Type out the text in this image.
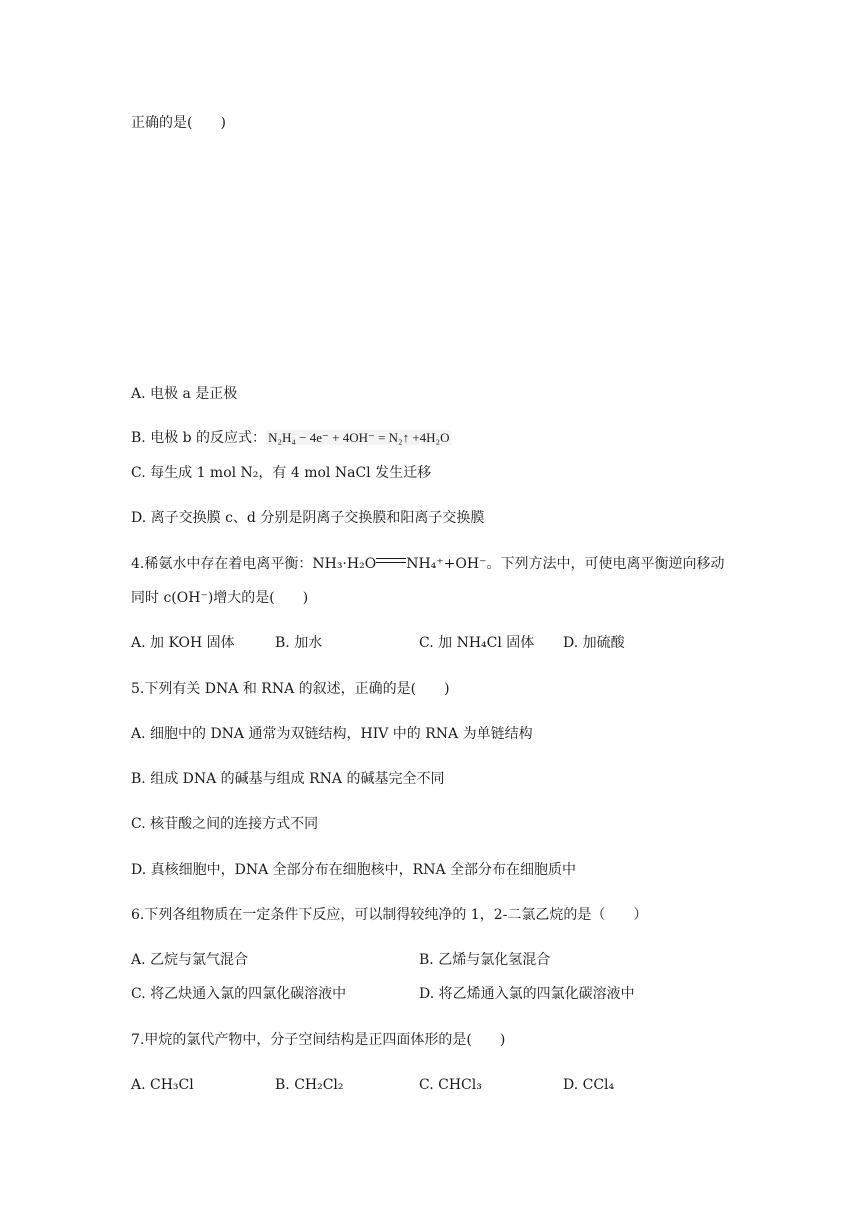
正确的是(　　)
A. 电极 a 是正极
B. 电极 b 的反应式： N₂H₄ − 4e⁻ + 4OH⁻ = N₂↑ +4H₂O
C. 每生成 1 mol N₂，有 4 mol NaCl 发生迁移
D. 离子交换膜 c、d 分别是阴离子交换膜和阳离子交换膜
4.稀氨水中存在着电离平衡：NH₃·H₂O NH₄⁺+OH⁻。下列方法中，可使电离平衡逆向移动
同时 c(OH⁻)增大的是(　　)
A. 加 KOH 固体	B. 加水	C. 加 NH₄Cl 固体 D. 加硫酸
5.下列有关 DNA 和 RNA 的叙述，正确的是(　　)
A. 细胞中的 DNA 通常为双链结构，HIV 中的 RNA 为单链结构
B. 组成 DNA 的碱基与组成 RNA 的碱基完全不同
C. 核苷酸之间的连接方式不同
D. 真核细胞中，DNA 全部分布在细胞核中，RNA 全部分布在细胞质中
6.下列各组物质在一定条件下反应，可以制得较纯净的 1，2-二氯乙烷的是（　　）
A. 乙烷与氯气混合	B. 乙烯与氯化氢混合
C. 将乙炔通入氯的四氯化碳溶液中	D. 将乙烯通入氯的四氯化碳溶液中
7.甲烷的氯代产物中，分子空间结构是正四面体形的是(　　)
A. CH₃Cl	B. CH₂Cl₂	C. CHCl₃	D. CCl₄
